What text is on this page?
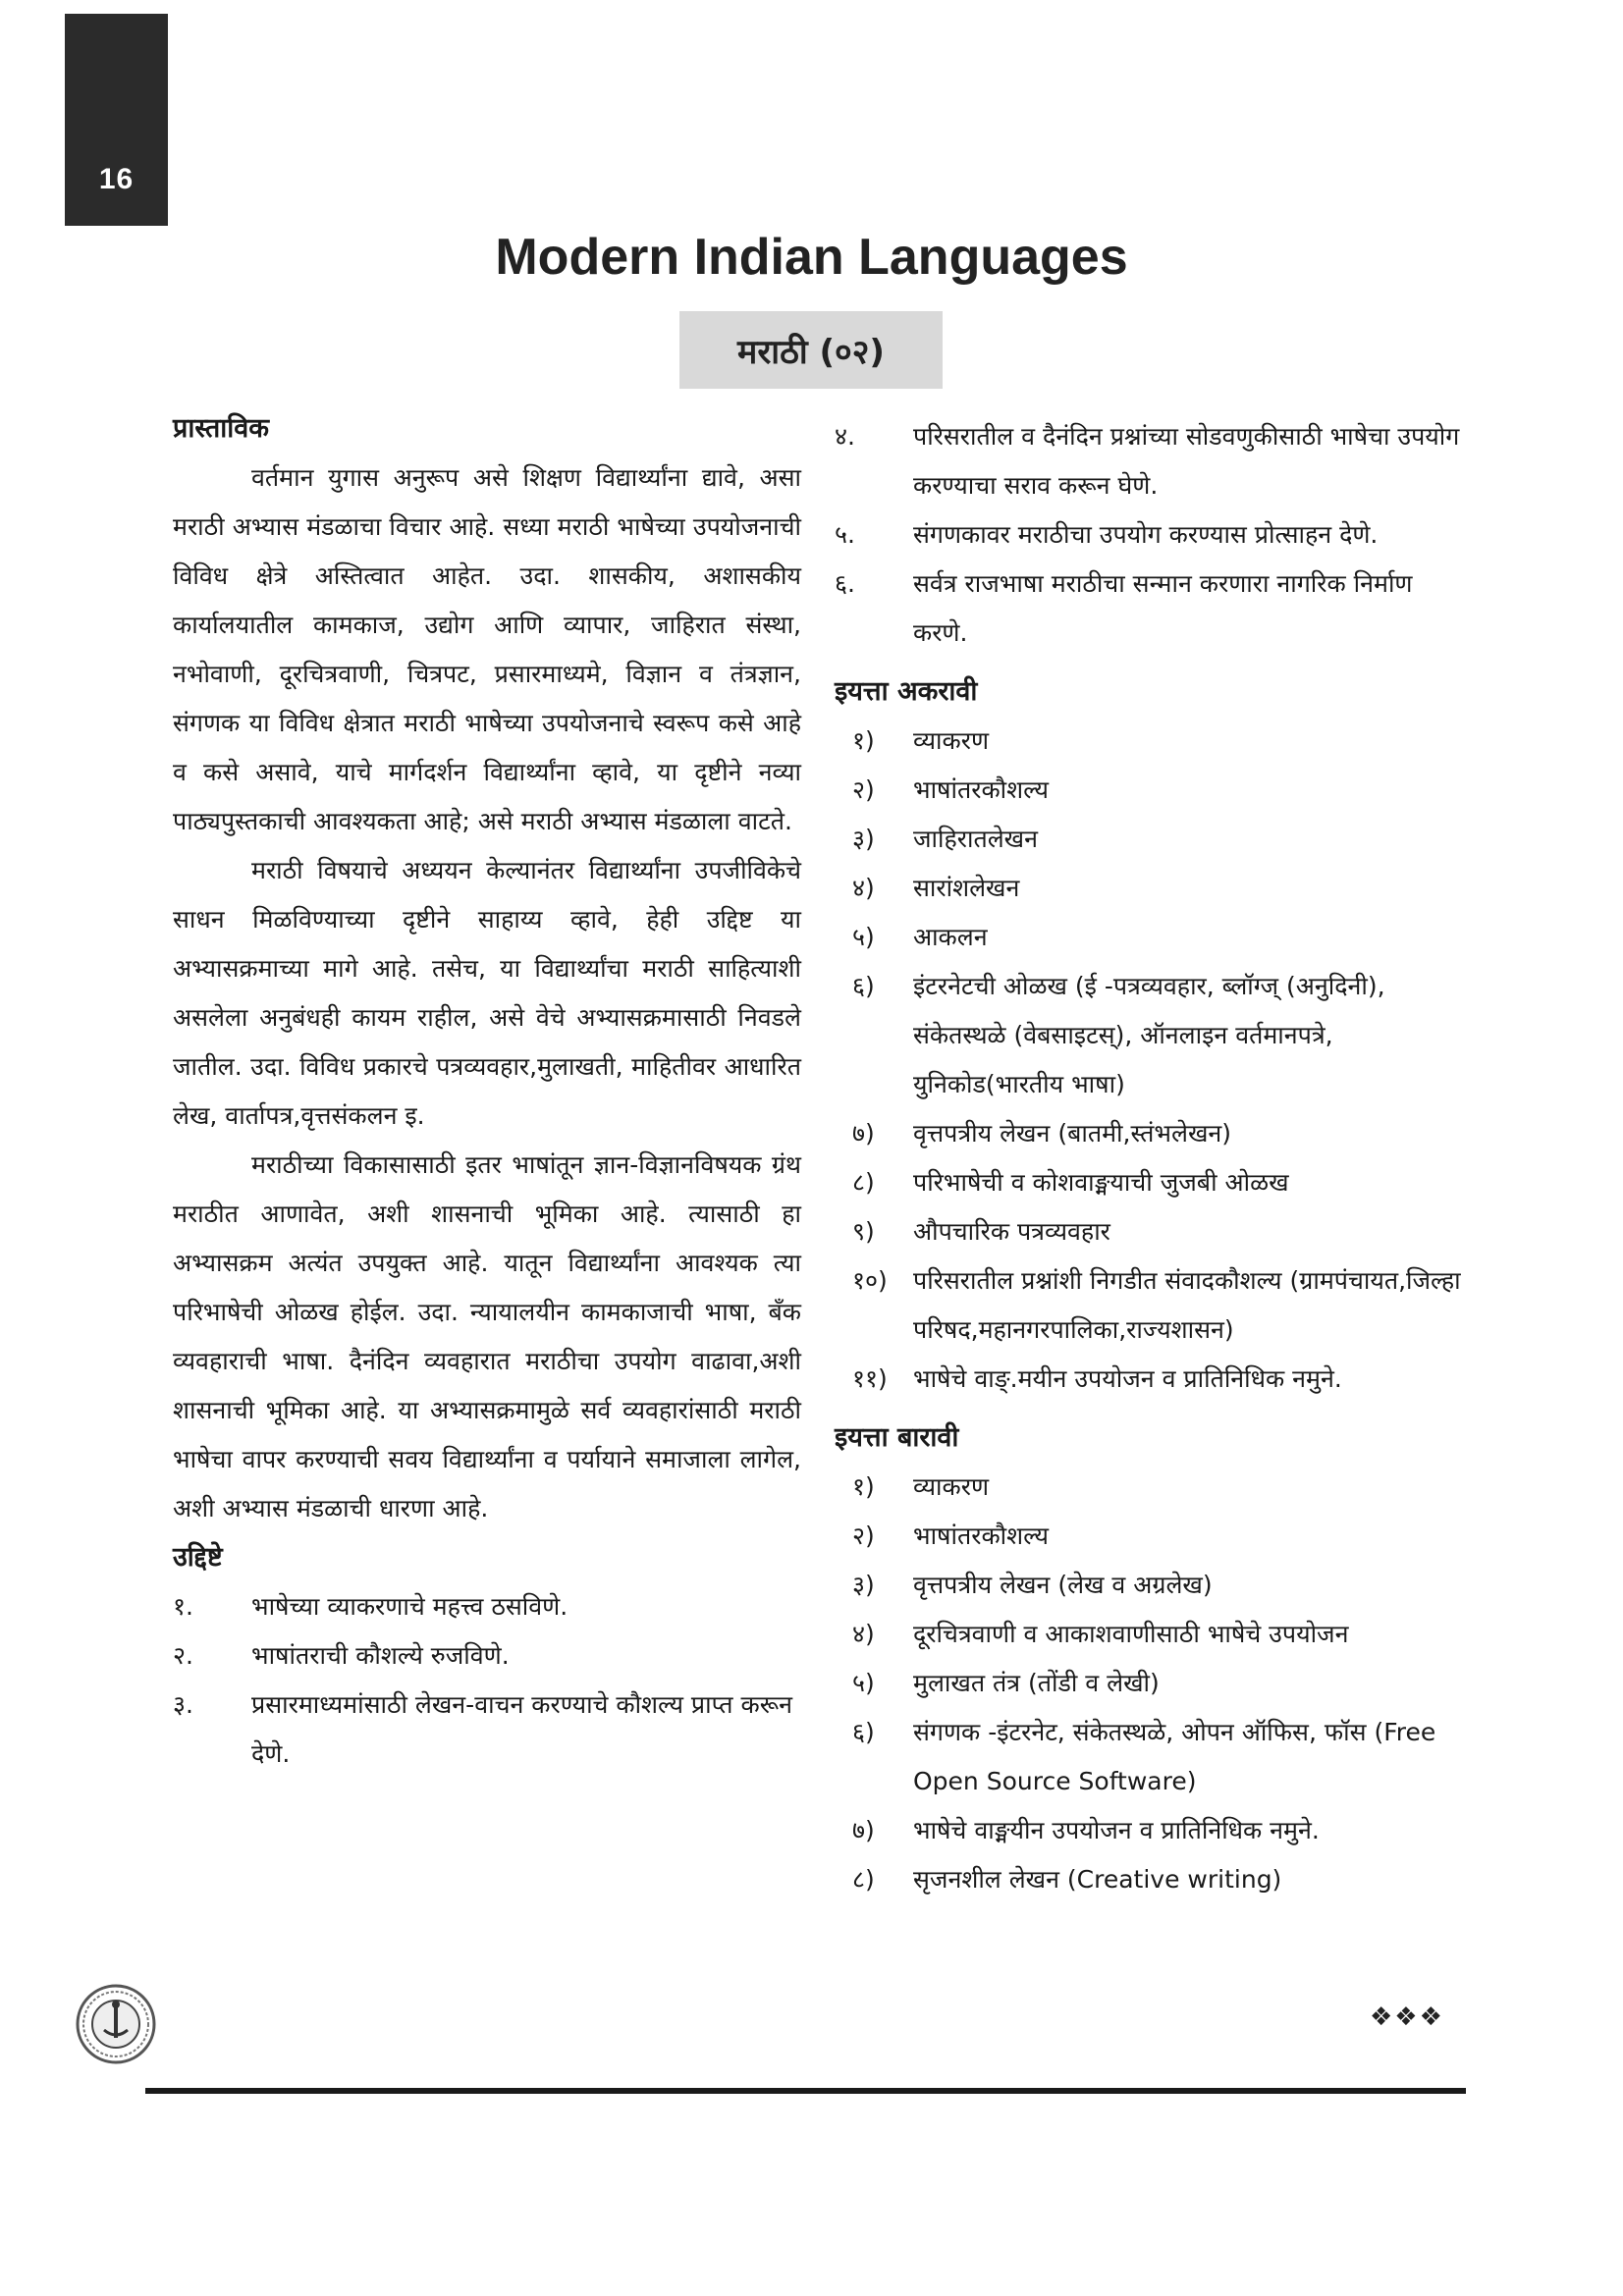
16
Modern Indian Languages
मराठी (०२)
प्रास्ताविक

वर्तमान युगास अनुरूप असे शिक्षण विद्यार्थ्यांना द्यावे, असा मराठी अभ्यास मंडळाचा विचार आहे. सध्या मराठी भाषेच्या उपयोजनाची विविध क्षेत्रे अस्तित्वात आहेत. उदा. शासकीय, अशासकीय कार्यालयातील कामकाज, उद्योग आणि व्यापार, जाहिरात संस्था, नभोवाणी, दूरचित्रवाणी, चित्रपट, प्रसारमाध्यमे, विज्ञान व तंत्रज्ञान, संगणक या विविध क्षेत्रात मराठी भाषेच्या उपयोजनाचे स्वरूप कसे आहे व कसे असावे, याचे मार्गदर्शन विद्यार्थ्यांना व्हावे, या दृष्टीने नव्या पाठ्यपुस्तकाची आवश्यकता आहे; असे मराठी अभ्यास मंडळाला वाटते.

मराठी विषयाचे अध्ययन केल्यानंतर विद्यार्थ्यांना उपजीविकेचे साधन मिळविण्याच्या दृष्टीने साहाय्य व्हावे, हेही उद्दिष्ट या अभ्यासक्रमाच्या मागे आहे. तसेच, या विद्यार्थ्यांचा मराठी साहित्याशी असलेला अनुबंधही कायम राहील, असे वेचे अभ्यासक्रमासाठी निवडले जातील. उदा. विविध प्रकारचे पत्रव्यवहार,मुलाखती, माहितीवर आधारित लेख, वार्तापत्र,वृत्तसंकलन इ.

मराठीच्या विकासासाठी इतर भाषांतून ज्ञान-विज्ञानविषयक ग्रंथ मराठीत आणावेत, अशी शासनाची भूमिका आहे. त्यासाठी हा अभ्यासक्रम अत्यंत उपयुक्त आहे. यातून विद्यार्थ्यांना आवश्यक त्या परिभाषेची ओळख होईल. उदा. न्यायालयीन कामकाजाची भाषा, बँक व्यवहाराची भाषा. दैनंदिन व्यवहारात मराठीचा उपयोग वाढावा,अशी शासनाची भूमिका आहे. या अभ्यासक्रमामुळे सर्व व्यवहारांसाठी मराठी भाषेचा वापर करण्याची सवय विद्यार्थ्यांना व पर्यायाने समाजाला लागेल, अशी अभ्यास मंडळाची धारणा आहे.

उद्दिष्टे
१. भाषेच्या व्याकरणाचे महत्त्व ठसविणे.
२. भाषांतराची कौशल्ये रुजविणे.
३. प्रसारमाध्यमांसाठी लेखन-वाचन करण्याचे कौशल्य प्राप्त करून देणे.
४. परिसरातील व दैनंदिन प्रश्नांच्या सोडवणुकीसाठी भाषेचा उपयोग करण्याचा सराव करून घेणे.
५. संगणकावर मराठीचा उपयोग करण्यास प्रोत्साहन देणे.
६. सर्वत्र राजभाषा मराठीचा सन्मान करणारा नागरिक निर्माण करणे.
इयत्ता अकरावी
१) व्याकरण
२) भाषांतरकौशल्य
३) जाहिरातलेखन
४) सारांशलेखन
५) आकलन
६) इंटरनेटची ओळख (ई -पत्रव्यवहार, ब्लॉग्ज् (अनुदिनी), संकेतस्थळे (वेबसाइटस्), ऑनलाइन वर्तमानपत्रे, युनिकोड(भारतीय भाषा)
७) वृत्तपत्रीय लेखन (बातमी,स्तंभलेखन)
८) परिभाषेची व कोशवाङ्मयाची जुजबी ओळख
९) औपचारिक पत्रव्यवहार
१०) परिसरातील प्रश्नांशी निगडीत संवादकौशल्य (ग्रामपंचायत,जिल्हा परिषद,महानगरपालिका,राज्यशासन)
११) भाषेचे वाङ्.मयीन उपयोजन व प्रातिनिधिक नमुने.
इयत्ता बारावी
१) व्याकरण
२) भाषांतरकौशल्य
३) वृत्तपत्रीय लेखन (लेख व अग्रलेख)
४) दूरचित्रवाणी व आकाशवाणीसाठी भाषेचे उपयोजन
५) मुलाखत तंत्र (तोंडी व लेखी)
६) संगणक -इंटरनेट, संकेतस्थळे, ओपन ऑफिस, फॉस (Free Open Source Software)
७) भाषेचे वाङ्मयीन उपयोजन व प्रातिनिधिक नमुने.
८) सृजनशील लेखन (Creative writing)
❖❖❖
